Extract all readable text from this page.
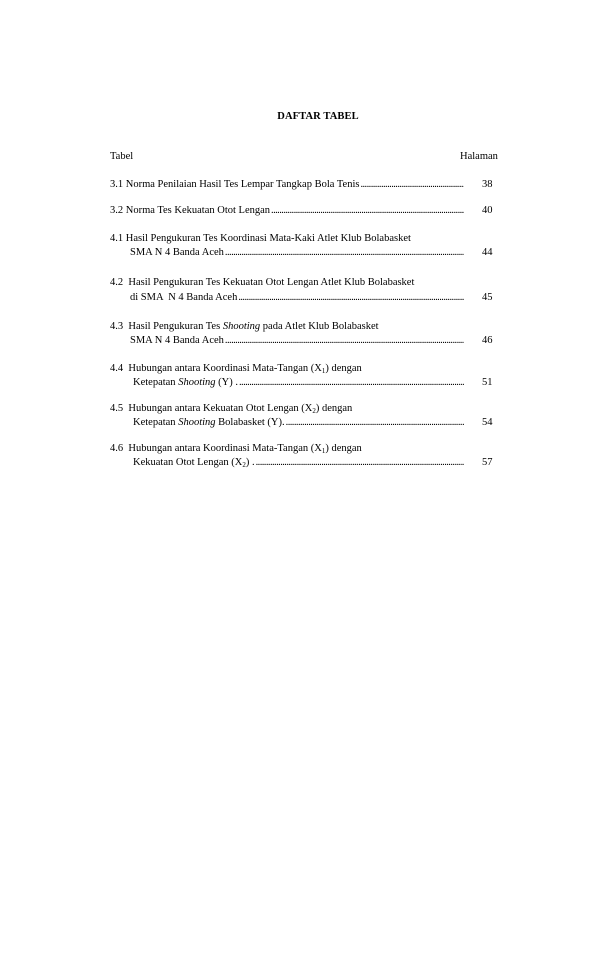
DAFTAR TABEL
Tabel	Halaman
3.1 Norma Penilaian Hasil Tes Lempar Tangkap Bola Tenis . . .	38
3.2 Norma Tes Kekuatan Otot Lengan . . .	40
4.1 Hasil Pengukuran Tes Koordinasi Mata-Kaki Atlet Klub Bolabasket
SMA N 4 Banda Aceh . . .	44
4.2 Hasil Pengukuran Tes Kekuatan Otot Lengan Atlet Klub Bolabasket
di SMA  N 4 Banda Aceh . . .	45
4.3 Hasil Pengukuran Tes Shooting pada Atlet Klub Bolabasket
SMA N 4 Banda Aceh . . .	46
4.4 Hubungan antara Koordinasi Mata-Tangan $(X_1)$ dengan
Ketepatan Shooting (Y) . . . .	51
4.5 Hubungan antara Kekuatan Otot Lengan $(X_2)$ dengan
Ketepatan Shooting Bolabasket (Y). . . .	54
4.6 Hubungan antara Koordinasi Mata-Tangan $(X_1)$ dengan
Kekuatan Otot Lengan $(X_2)$ . . . .	57
